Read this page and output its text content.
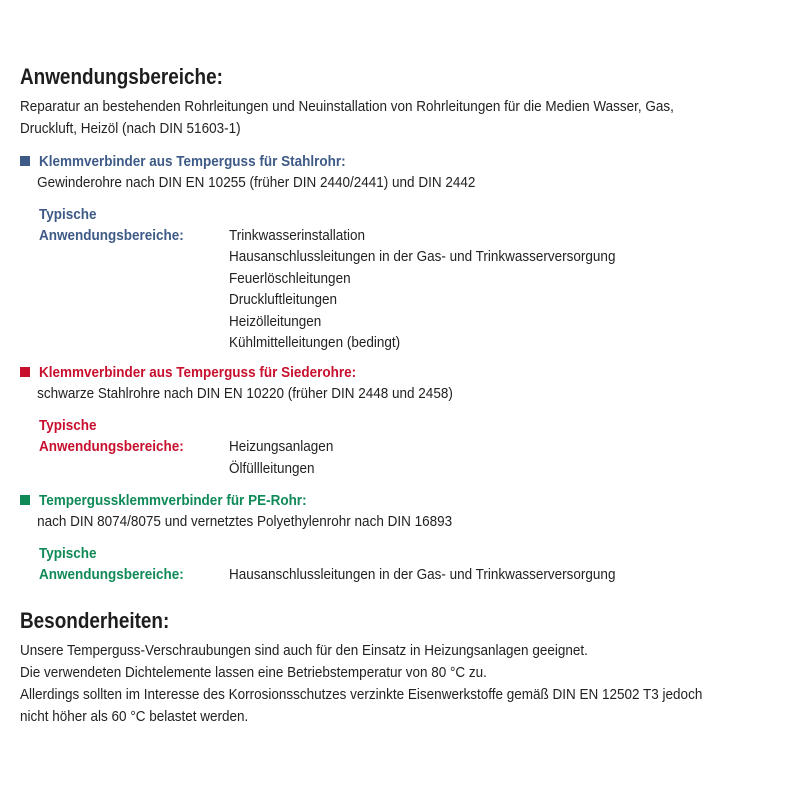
Anwendungsbereiche:
Reparatur an bestehenden Rohrleitungen und Neuinstallation von Rohrleitungen für die Medien Wasser, Gas,
Druckluft, Heizöl (nach DIN 51603-1)
Klemmverbinder aus Temperguss für Stahlrohr:
Gewinderohre nach DIN EN 10255 (früher DIN 2440/2441) und DIN 2442
Typische
Anwendungsbereiche:	Trinkwasserinstallation
Hausanschlussleitungen in der Gas- und Trinkwasserversorgung
Feuerlöschleitungen
Druckluftleitungen
Heizölleitungen
Kühlmittelleitungen (bedingt)
Klemmverbinder aus Temperguss für Siederohre:
schwarze Stahlrohre nach DIN EN 10220 (früher DIN 2448 und 2458)
Typische
Anwendungsbereiche:	Heizungsanlagen
Ölfüllleitungen
Tempergussklemmverbinder für PE-Rohr:
nach DIN 8074/8075 und vernetztes Polyethylenrohr nach DIN 16893
Typische
Anwendungsbereiche:	Hausanschlussleitungen in der Gas- und Trinkwasserversorgung
Besonderheiten:
Unsere Temperguss-Verschraubungen sind auch für den Einsatz in Heizungsanlagen geeignet.
Die verwendeten Dichtelemente lassen eine Betriebstemperatur von 80 °C zu.
Allerdings sollten im Interesse des Korrosionsschutzes verzinkte Eisenwerkstoffe gemäß DIN EN 12502 T3 jedoch
nicht höher als 60 °C belastet werden.
